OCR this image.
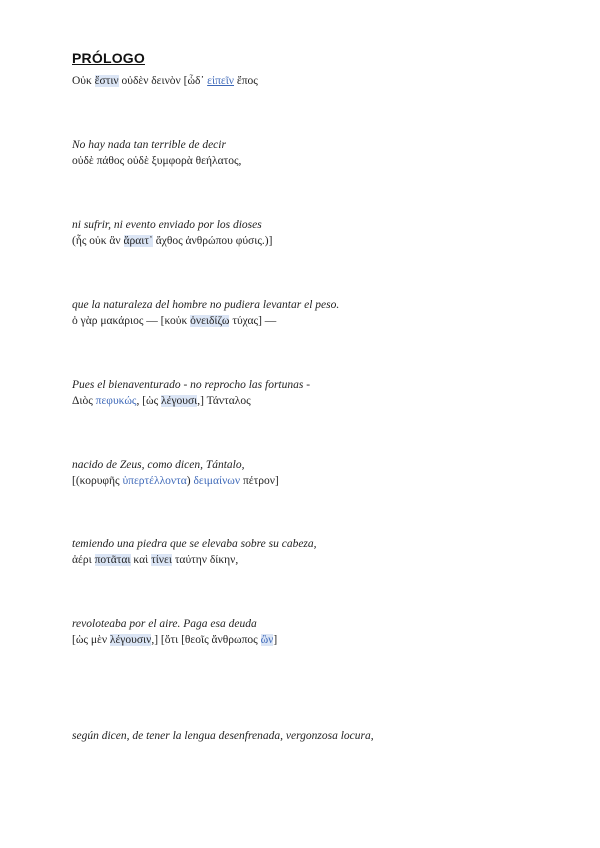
PRÓLOGO
Οὐκ ἔστιν οὐδὲν δεινὸν [ὧδ᾽ εἰπεῖν ἔπος
No hay nada tan terrible de decir
οὐδὲ πάθος οὐδὲ ξυμφορὰ θεήλατος,
ni sufrir, ni evento enviado por los dioses
(ἧς οὐκ ἂν ἄραιτ᾽ ἄχθος ἀνθρώπου φύσις.)]
que la naturaleza del hombre no pudiera levantar el peso.
ὁ γὰρ μακάριος — [κοὐκ ὀνειδίζω τύχας] —
Pues el bienaventurado - no reprocho las fortunas -
Διὸς πεφυκώς, [ὡς λέγουσι,] Τάνταλος
nacido de Zeus, como dicen, Tántalo,
[(κορυφῆς ὑπερτέλλοντα) δειμαίνων πέτρον]
temiendo una piedra que se elevaba sobre su cabeza,
ἀέρι ποτᾶται καὶ τίνει ταύτην δίκην,
revoloteaba por el aire. Paga esa deuda
[ὡς μὲν λέγουσιν,] [ὅτι [θεοῖς ἄνθρωπος ὢν]
según dicen, de tener la lengua desenfrenada, vergonzosa locura,
